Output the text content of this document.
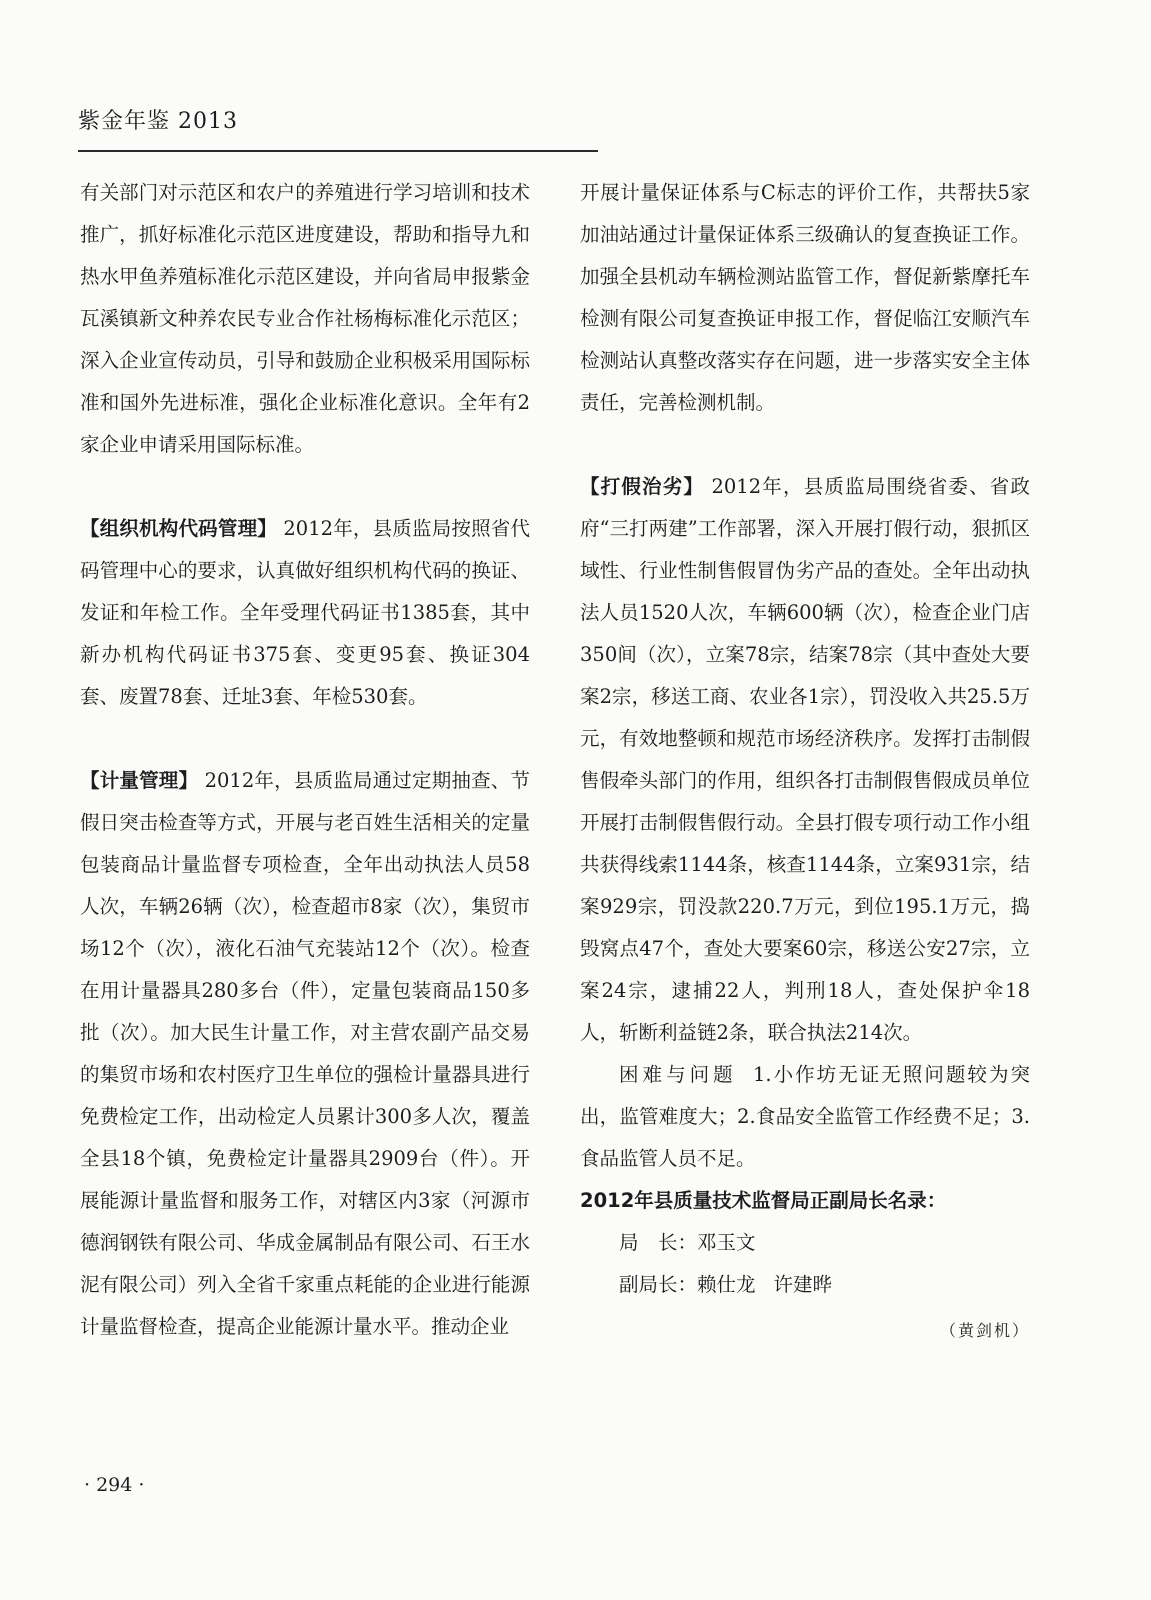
紫金年鉴 2013

有关部门对示范区和农户的养殖进行学习培训和技术推广，抓好标准化示范区进度建设，帮助和指导九和热水甲鱼养殖标准化示范区建设，并向省局申报紫金瓦溪镇新文种养农民专业合作社杨梅标准化示范区；深入企业宣传动员，引导和鼓励企业积极采用国际标准和国外先进标准，强化企业标准化意识。全年有2家企业申请采用国际标准。

【组织机构代码管理】 2012年，县质监局按照省代码管理中心的要求，认真做好组织机构代码的换证、发证和年检工作。全年受理代码证书1385套，其中新办机构代码证书375套、变更95套、换证304套、废置78套、迁址3套、年检530套。

【计量管理】 2012年，县质监局通过定期抽查、节假日突击检查等方式，开展与老百姓生活相关的定量包装商品计量监督专项检查，全年出动执法人员58人次，车辆26辆（次），检查超市8家（次），集贸市场12个（次），液化石油气充装站12个（次）。检查在用计量器具280多台（件），定量包装商品150多批（次）。加大民生计量工作，对主营农副产品交易的集贸市场和农村医疗卫生单位的强检计量器具进行免费检定工作，出动检定人员累计300多人次，覆盖全县18个镇，免费检定计量器具2909台（件）。开展能源计量监督和服务工作，对辖区内3家（河源市德润钢铁有限公司、华成金属制品有限公司、石王水泥有限公司）列入全省千家重点耗能的企业进行能源计量监督检查，提高企业能源计量水平。推动企业

开展计量保证体系与C标志的评价工作，共帮扶5家加油站通过计量保证体系三级确认的复查换证工作。加强全县机动车辆检测站监管工作，督促新紫摩托车检测有限公司复查换证申报工作，督促临江安顺汽车检测站认真整改落实存在问题，进一步落实安全主体责任，完善检测机制。

【打假治劣】 2012年，县质监局围绕省委、省政府“三打两建”工作部署，深入开展打假行动，狠抓区域性、行业性制售假冒伪劣产品的查处。全年出动执法人员1520人次，车辆600辆（次），检查企业门店350间（次），立案78宗，结案78宗（其中查处大要案2宗，移送工商、农业各1宗），罚没收入共25.5万元，有效地整顿和规范市场经济秩序。发挥打击制假售假牵头部门的作用，组织各打击制假售假成员单位开展打击制假售假行动。全县打假专项行动工作小组共获得线索1144条，核查1144条，立案931宗，结案929宗，罚没款220.7万元，到位195.1万元，捣毁窝点47个，查处大要案60宗，移送公安27宗，立案24宗，逮捕22人，判刑18人，查处保护伞18人，斩断利益链2条，联合执法214次。

困难与问题 1.小作坊无证无照问题较为突出，监管难度大；2.食品安全监管工作经费不足；3.食品监管人员不足。

2012年县质量技术监督局正副局长名录：

局　长：邓玉文

副局长：赖仕龙 许建晔

（黄剑机）

· 294 ·
